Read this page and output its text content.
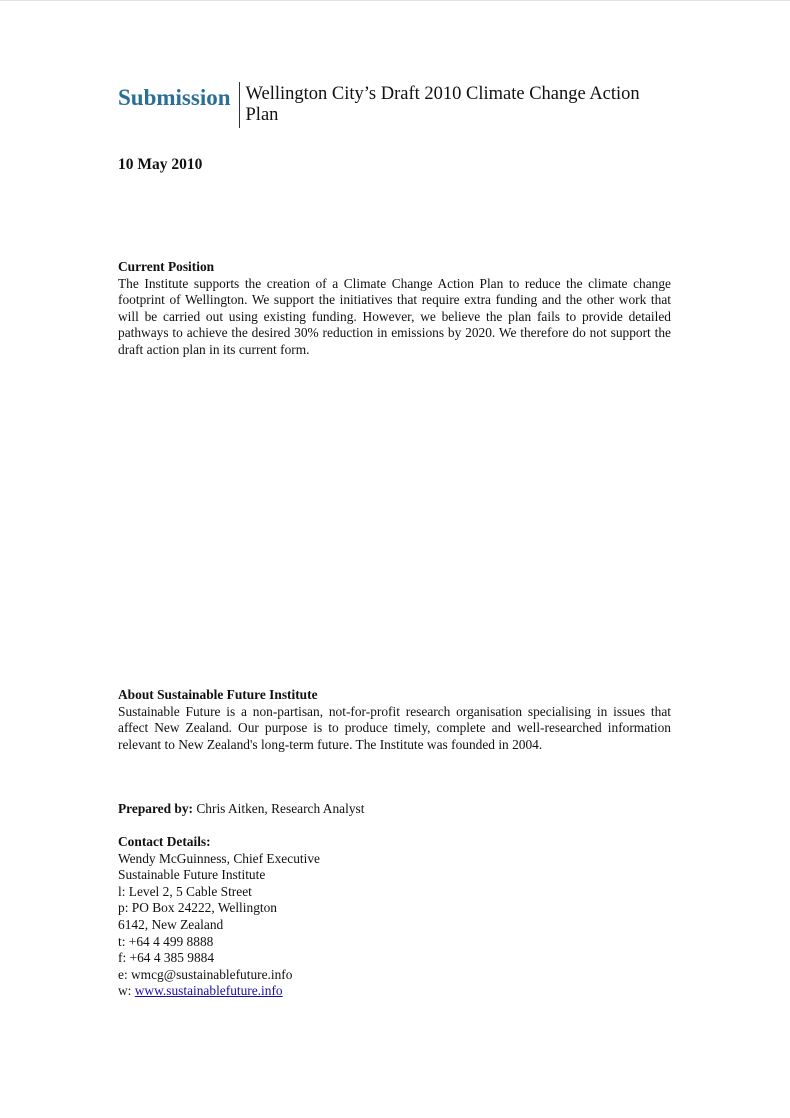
Submission Wellington City’s Draft 2010 Climate Change Action Plan
10 May 2010
Current Position
The Institute supports the creation of a Climate Change Action Plan to reduce the climate change footprint of Wellington. We support the initiatives that require extra funding and the other work that will be carried out using existing funding. However, we believe the plan fails to provide detailed pathways to achieve the desired 30% reduction in emissions by 2020. We therefore do not support the draft action plan in its current form.
About Sustainable Future Institute
Sustainable Future is a non-partisan, not-for-profit research organisation specialising in issues that affect New Zealand. Our purpose is to produce timely, complete and well-researched information relevant to New Zealand's long-term future. The Institute was founded in 2004.
Prepared by: Chris Aitken, Research Analyst
Contact Details:
Wendy McGuinness, Chief Executive
Sustainable Future Institute
l: Level 2, 5 Cable Street
p: PO Box 24222, Wellington
6142, New Zealand
t: +64 4 499 8888
f: +64 4 385 9884
e: wmcg@sustainablefuture.info
w: www.sustainablefuture.info
